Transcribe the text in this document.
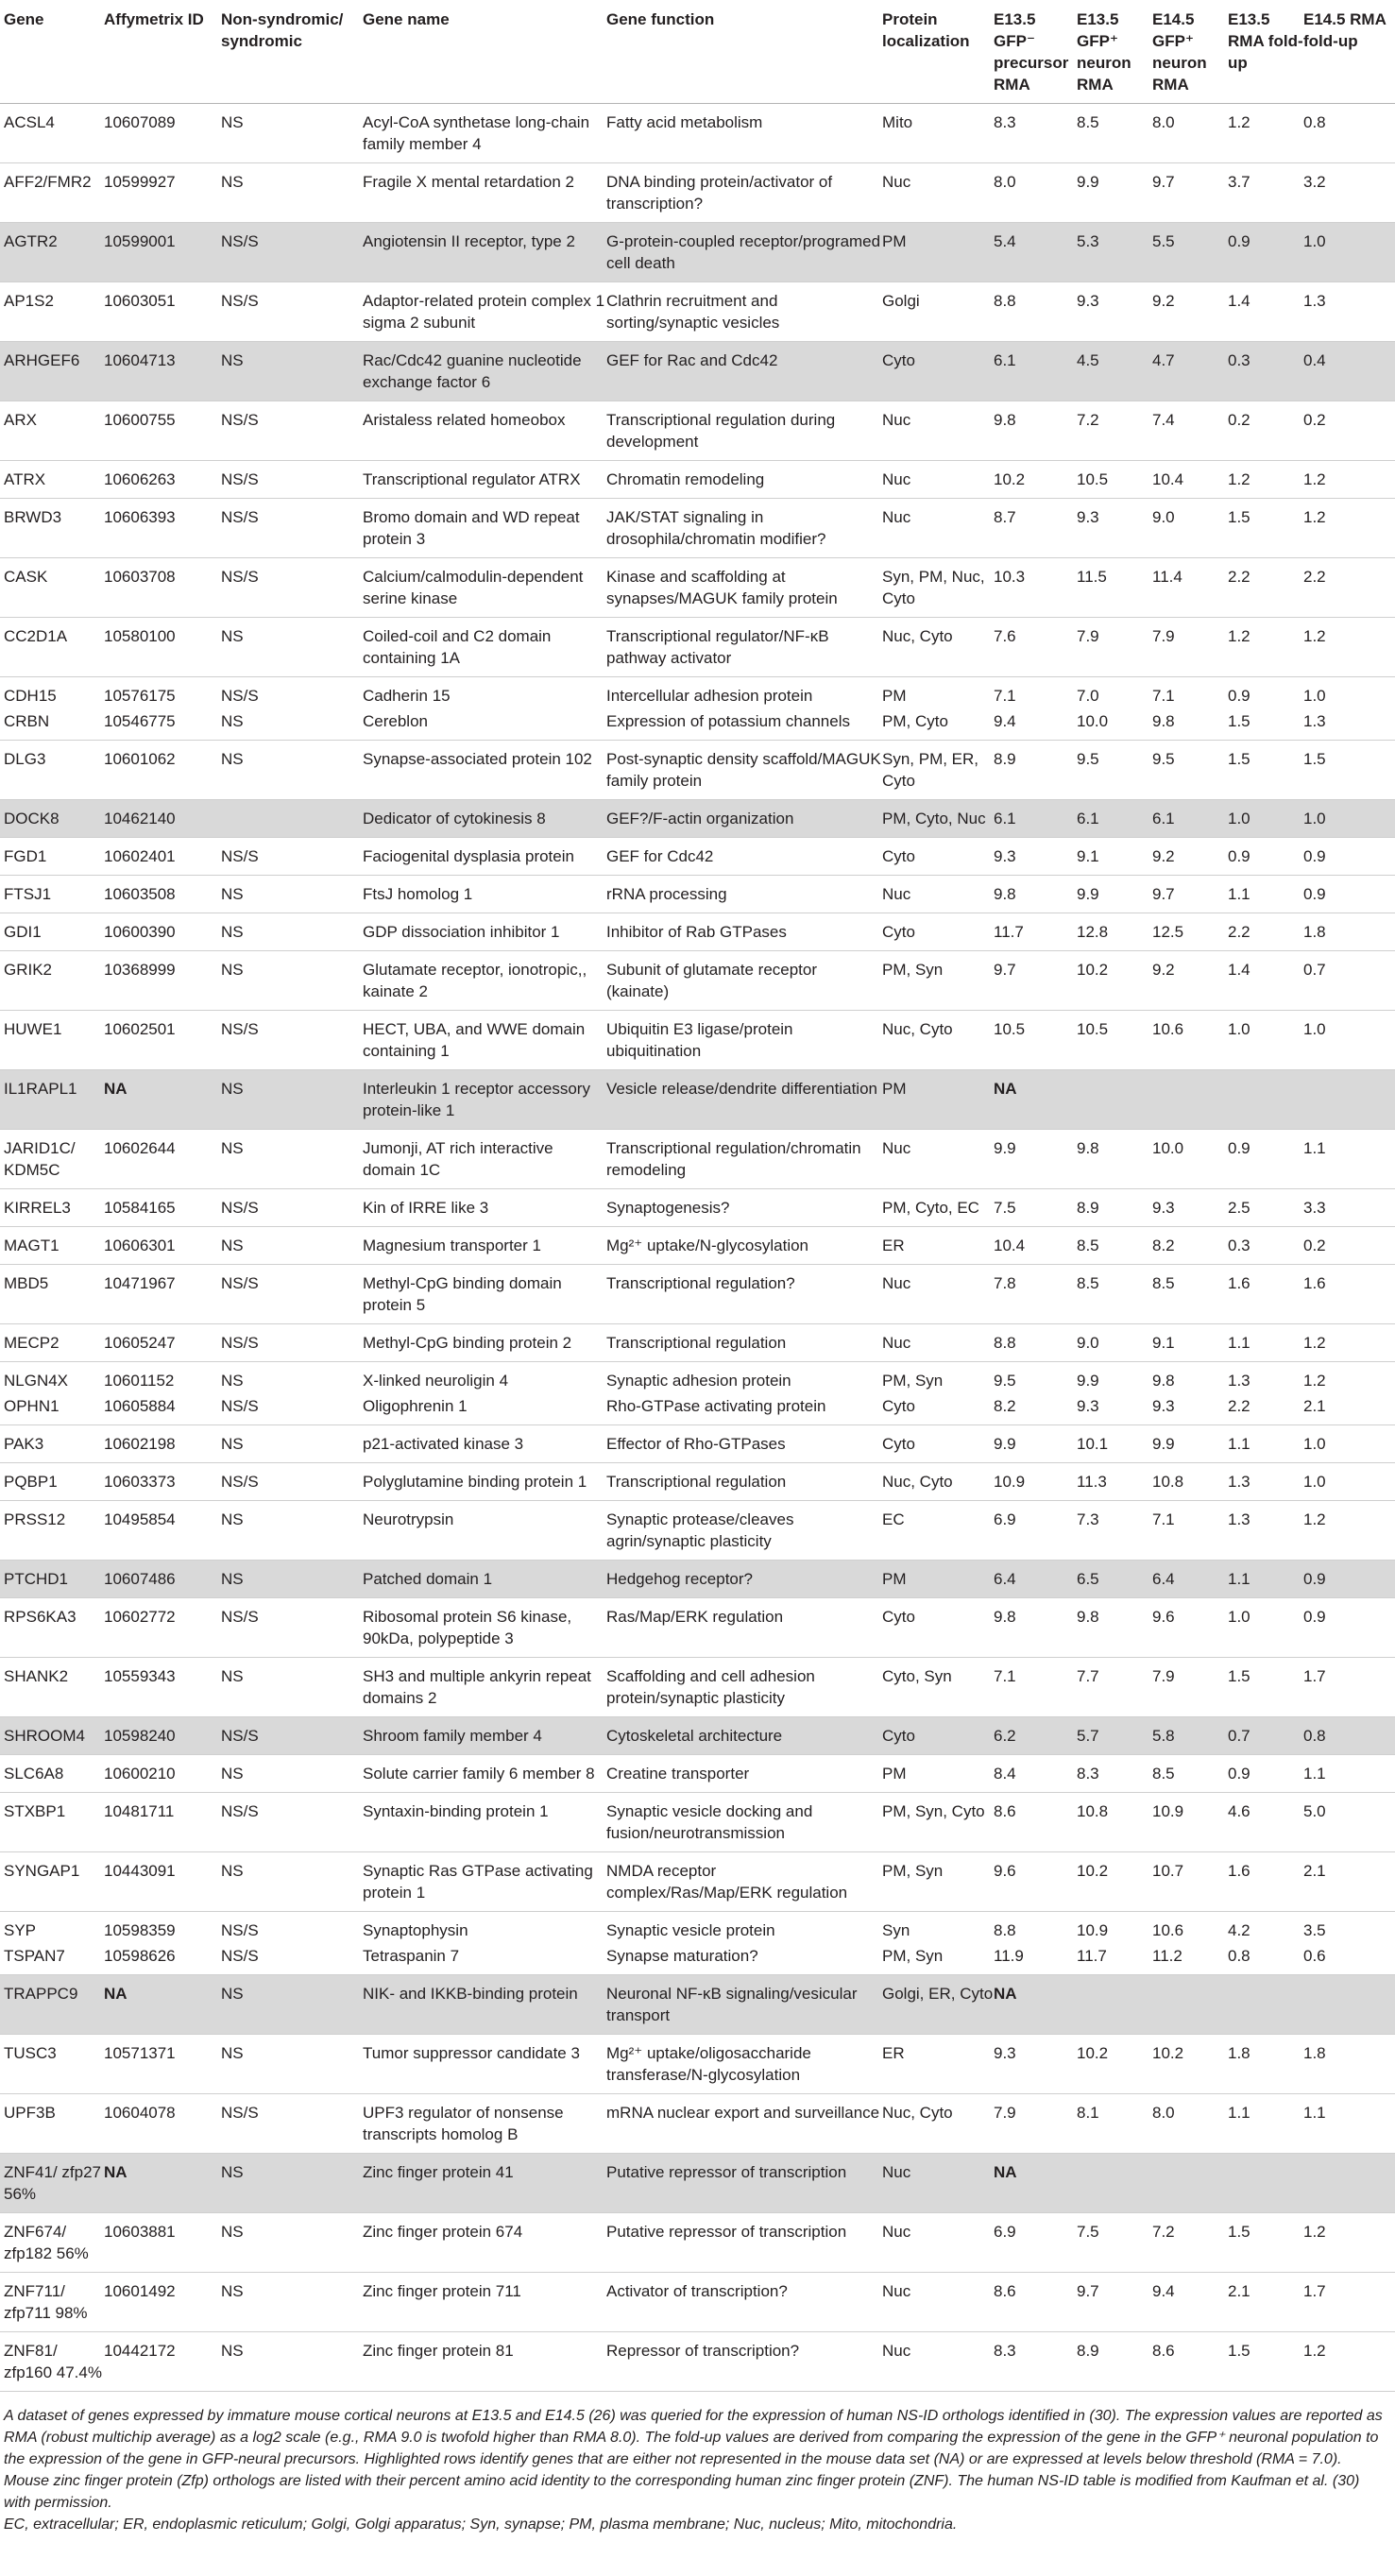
Gene	Affymetrix ID	Non-syndromic/ syndromic	Gene name	Gene function	Protein localization	E13.5 GFP⁻ precursor RMA	E13.5 GFP⁺ neuron RMA	E14.5 GFP⁺ neuron RMA	E13.5 RMA fold-up	E14.5 RMA fold-up
ACSL4	10607089	NS	Acyl-CoA synthetase long-chain family member 4	Fatty acid metabolism	Mito	8.3	8.5	8.0	1.2	0.8
AFF2/FMR2	10599927	NS	Fragile X mental retardation 2	DNA binding protein/activator of transcription?	Nuc	8.0	9.9	9.7	3.7	3.2
AGTR2	10599001	NS/S	Angiotensin II receptor, type 2	G-protein-coupled receptor/programed cell death	PM	5.4	5.3	5.5	0.9	1.0
AP1S2	10603051	NS/S	Adaptor-related protein complex 1 sigma 2 subunit	Clathrin recruitment and sorting/synaptic vesicles	Golgi	8.8	9.3	9.2	1.4	1.3
ARHGEF6	10604713	NS	Rac/Cdc42 guanine nucleotide exchange factor 6	GEF for Rac and Cdc42	Cyto	6.1	4.5	4.7	0.3	0.4
ARX	10600755	NS/S	Aristaless related homeobox	Transcriptional regulation during development	Nuc	9.8	7.2	7.4	0.2	0.2
ATRX	10606263	NS/S	Transcriptional regulator ATRX	Chromatin remodeling	Nuc	10.2	10.5	10.4	1.2	1.2
BRWD3	10606393	NS/S	Bromo domain and WD repeat protein 3	JAK/STAT signaling in drosophila/chromatin modifier?	Nuc	8.7	9.3	9.0	1.5	1.2
CASK	10603708	NS/S	Calcium/calmodulin-dependent serine kinase	Kinase and scaffolding at synapses/MAGUK family protein	Syn, PM, Nuc, Cyto	10.3	11.5	11.4	2.2	2.2
CC2D1A	10580100	NS	Coiled-coil and C2 domain containing 1A	Transcriptional regulator/NF-κB pathway activator	Nuc, Cyto	7.6	7.9	7.9	1.2	1.2
CDH15	10576175	NS/S	Cadherin 15	Intercellular adhesion protein	PM	7.1	7.0	7.1	0.9	1.0
CRBN	10546775	NS	Cereblon	Expression of potassium channels	PM, Cyto	9.4	10.0	9.8	1.5	1.3
DLG3	10601062	NS	Synapse-associated protein 102	Post-synaptic density scaffold/MAGUK family protein	Syn, PM, ER, Cyto	8.9	9.5	9.5	1.5	1.5
DOCK8	10462140		Dedicator of cytokinesis 8	GEF?/F-actin organization	PM, Cyto, Nuc	6.1	6.1	6.1	1.0	1.0
FGD1	10602401	NS/S	Faciogenital dysplasia protein	GEF for Cdc42	Cyto	9.3	9.1	9.2	0.9	0.9
FTSJ1	10603508	NS	FtsJ homolog 1	rRNA processing	Nuc	9.8	9.9	9.7	1.1	0.9
GDI1	10600390	NS	GDP dissociation inhibitor 1	Inhibitor of Rab GTPases	Cyto	11.7	12.8	12.5	2.2	1.8
GRIK2	10368999	NS	Glutamate receptor, ionotropic,, kainate 2	Subunit of glutamate receptor (kainate)	PM, Syn	9.7	10.2	9.2	1.4	0.7
HUWE1	10602501	NS/S	HECT, UBA, and WWE domain containing 1	Ubiquitin E3 ligase/protein ubiquitination	Nuc, Cyto	10.5	10.5	10.6	1.0	1.0
IL1RAPL1	NA	NS	Interleukin 1 receptor accessory protein-like 1	Vesicle release/dendrite differentiation	PM	NA				
JARID1C/ KDM5C	10602644	NS	Jumonji, AT rich interactive domain 1C	Transcriptional regulation/chromatin remodeling	Nuc	9.9	9.8	10.0	0.9	1.1
KIRREL3	10584165	NS/S	Kin of IRRE like 3	Synaptogenesis?	PM, Cyto, EC	7.5	8.9	9.3	2.5	3.3
MAGT1	10606301	NS	Magnesium transporter 1	Mg²⁺ uptake/N-glycosylation	ER	10.4	8.5	8.2	0.3	0.2
MBD5	10471967	NS/S	Methyl-CpG binding domain protein 5	Transcriptional regulation?	Nuc	7.8	8.5	8.5	1.6	1.6
MECP2	10605247	NS/S	Methyl-CpG binding protein 2	Transcriptional regulation	Nuc	8.8	9.0	9.1	1.1	1.2
NLGN4X	10601152	NS	X-linked neuroligin 4	Synaptic adhesion protein	PM, Syn	9.5	9.9	9.8	1.3	1.2
OPHN1	10605884	NS/S	Oligophrenin 1	Rho-GTPase activating protein	Cyto	8.2	9.3	9.3	2.2	2.1
PAK3	10602198	NS	p21-activated kinase 3	Effector of Rho-GTPases	Cyto	9.9	10.1	9.9	1.1	1.0
PQBP1	10603373	NS/S	Polyglutamine binding protein 1	Transcriptional regulation	Nuc, Cyto	10.9	11.3	10.8	1.3	1.0
PRSS12	10495854	NS	Neurotrypsin	Synaptic protease/cleaves agrin/synaptic plasticity	EC	6.9	7.3	7.1	1.3	1.2
PTCHD1	10607486	NS	Patched domain 1	Hedgehog receptor?	PM	6.4	6.5	6.4	1.1	0.9
RPS6KA3	10602772	NS/S	Ribosomal protein S6 kinase, 90kDa, polypeptide 3	Ras/Map/ERK regulation	Cyto	9.8	9.8	9.6	1.0	0.9
SHANK2	10559343	NS	SH3 and multiple ankyrin repeat domains 2	Scaffolding and cell adhesion protein/synaptic plasticity	Cyto, Syn	7.1	7.7	7.9	1.5	1.7
SHROOM4	10598240	NS/S	Shroom family member 4	Cytoskeletal architecture	Cyto	6.2	5.7	5.8	0.7	0.8
SLC6A8	10600210	NS	Solute carrier family 6 member 8	Creatine transporter	PM	8.4	8.3	8.5	0.9	1.1
STXBP1	10481711	NS/S	Syntaxin-binding protein 1	Synaptic vesicle docking and fusion/neurotransmission	PM, Syn, Cyto	8.6	10.8	10.9	4.6	5.0
SYNGAP1	10443091	NS	Synaptic Ras GTPase activating protein 1	NMDA receptor complex/Ras/Map/ERK regulation	PM, Syn	9.6	10.2	10.7	1.6	2.1
SYP	10598359	NS/S	Synaptophysin	Synaptic vesicle protein	Syn	8.8	10.9	10.6	4.2	3.5
TSPAN7	10598626	NS/S	Tetraspanin 7	Synapse maturation?	PM, Syn	11.9	11.7	11.2	0.8	0.6
TRAPPC9	NA	NS	NIK- and IKKB-binding protein	Neuronal NF-κB signaling/vesicular transport	Golgi, ER, Cyto	NA				
TUSC3	10571371	NS	Tumor suppressor candidate 3	Mg²⁺ uptake/oligosaccharide transferase/N-glycosylation	ER	9.3	10.2	10.2	1.8	1.8
UPF3B	10604078	NS/S	UPF3 regulator of nonsense transcripts homolog B	mRNA nuclear export and surveillance	Nuc, Cyto	7.9	8.1	8.0	1.1	1.1
ZNF41/ zfp27 56%	NA	NS	Zinc finger protein 41	Putative repressor of transcription	Nuc	NA				
ZNF674/ zfp182 56%	10603881	NS	Zinc finger protein 674	Putative repressor of transcription	Nuc	6.9	7.5	7.2	1.5	1.2
ZNF711/ zfp711 98%	10601492	NS	Zinc finger protein 711	Activator of transcription?	Nuc	8.6	9.7	9.4	2.1	1.7
ZNF81/ zfp160 47.4%	10442172	NS	Zinc finger protein 81	Repressor of transcription?	Nuc	8.3	8.9	8.6	1.5	1.2

A dataset of genes expressed by immature mouse cortical neurons at E13.5 and E14.5 (26) was queried for the expression of human NS-ID orthologs identified in (30). The expression values are reported as RMA (robust multichip average) as a log2 scale (e.g., RMA 9.0 is twofold higher than RMA 8.0). The fold-up values are derived from comparing the expression of the gene in the GFP⁺ neuronal population to the expression of the gene in GFP-neural precursors. Highlighted rows identify genes that are either not represented in the mouse data set (NA) or are expressed at levels below threshold (RMA = 7.0). Mouse zinc finger protein (Zfp) orthologs are listed with their percent amino acid identity to the corresponding human zinc finger protein (ZNF). The human NS-ID table is modified from Kaufman et al. (30) with permission.

EC, extracellular; ER, endoplasmic reticulum; Golgi, Golgi apparatus; Syn, synapse; PM, plasma membrane; Nuc, nucleus; Mito, mitochondria.
